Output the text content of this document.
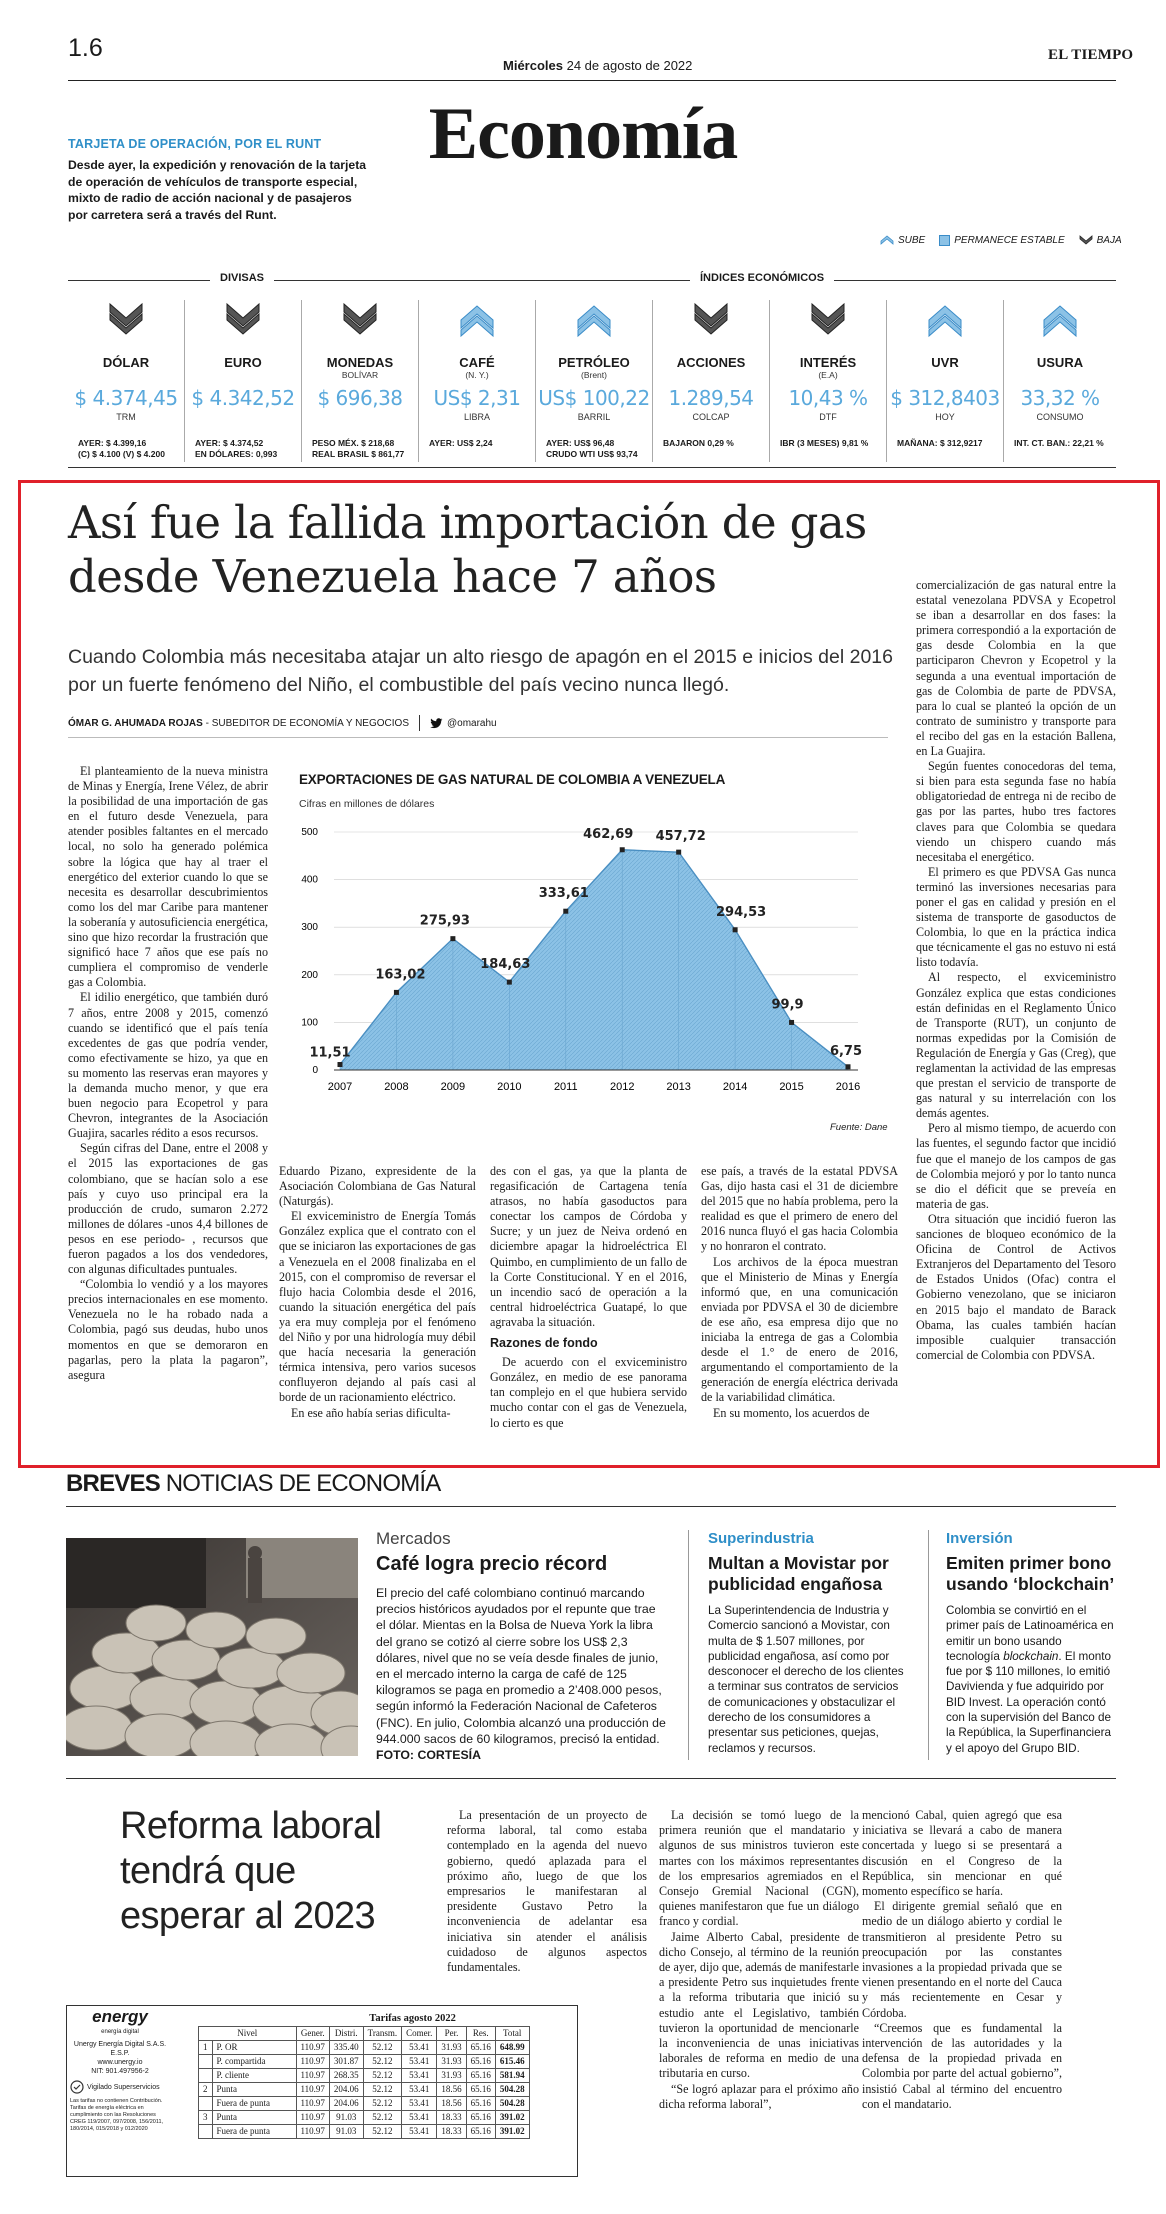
1.6
Miércoles 24 de agosto de 2022
EL TIEMPO
Economía
TARJETA DE OPERACIÓN, POR EL RUNT
Desde ayer, la expedición y renovación de la tarjeta de operación de vehículos de transporte especial, mixto de radio de acción nacional y de pasajeros por carretera será a través del Runt.
SUBE	PERMANECE ESTABLE	BAJA
DIVISAS	ÍNDICES ECONÓMICOS
DÓLAR
$ 4.374,45
TRM
AYER: $ 4.399,16
(C) $ 4.100 (V) $ 4.200
EURO
$ 4.342,52
AYER: $ 4.374,52
EN DÓLARES: 0,993
MONEDAS
BOLÍVAR
$ 696,38
PESO MÉX. $ 218,68
REAL BRASIL $ 861,77
CAFÉ
(N. Y.)
US$ 2,31
LIBRA
AYER: US$ 2,24
PETRÓLEO
(Brent)
US$ 100,22
BARRIL
AYER: US$ 96,48
CRUDO WTI US$ 93,74
ACCIONES
1.289,54
COLCAP
BAJARON 0,29 %
INTERÉS
(E.A)
10,43 %
DTF
IBR (3 MESES) 9,81 %
UVR
$ 312,8403
HOY
MAÑANA: $ 312,9217
USURA
33,32 %
CONSUMO
INT. CT. BAN.: 22,21 %
Así fue la fallida importación de gas desde Venezuela hace 7 años
Cuando Colombia más necesitaba atajar un alto riesgo de apagón en el 2015 e inicios del 2016 por un fuerte fenómeno del Niño, el combustible del país vecino nunca llegó.
ÓMAR G. AHUMADA ROJAS - SUBEDITOR DE ECONOMÍA Y NEGOCIOS	@omarahu

El planteamiento de la nueva ministra de Minas y Energía, Irene Vélez, de abrir la posibilidad de una importación de gas en el futuro desde Venezuela, para atender posibles faltantes en el mercado local, no solo ha generado polémica sobre la lógica que hay al traer el energético del exterior cuando lo que se necesita es desarrollar descubrimientos como los del mar Caribe para mantener la soberanía y autosuficiencia energética, sino que hizo recordar la frustración que significó hace 7 años que ese país no cumpliera el compromiso de venderle gas a Colombia.

El idilio energético, que también duró 7 años, entre 2008 y 2015, comenzó cuando se identificó que el país tenía excedentes de gas que podría vender, como efectivamente se hizo, ya que en su momento las reservas eran mayores y la demanda mucho menor, y que era buen negocio para Ecopetrol y para Chevron, integrantes de la Asociación Guajira, sacarles rédito a esos recursos.

Según cifras del Dane, entre el 2008 y el 2015 las exportaciones de gas colombiano, que se hacían solo a ese país y cuyo uso principal era la producción de crudo, sumaron 2.272 millones de dólares -unos 4,4 billones de pesos en ese periodo- , recursos que fueron pagados a los dos vendedores, con algunas dificultades puntuales.

“Colombia lo vendió y a los mayores precios internacionales en ese momento. Venezuela no le ha robado nada a Colombia, pagó sus deudas, hubo unos momentos en que se demoraron en pagarlas, pero la plata la pagaron”, asegura

EXPORTACIONES DE GAS NATURAL DE COLOMBIA A VENEZUELA
Cifras en millones de dólares
0
100
200
300
400
500
11,51
2007
163,02
2008
275,93
2009
184,63
2010
333,61
2011
462,69
2012
457,72
2013
294,53
2014
99,9
2015
6,75
2016
Fuente: Dane

Eduardo Pizano, expresidente de la Asociación Colombiana de Gas Natural (Naturgás).

El exviceministro de Energía Tomás González explica que el contrato con el que se iniciaron las exportaciones de gas a Venezuela en el 2008 finalizaba en el 2015, con el compromiso de reversar el flujo hacia Colombia desde el 2016, cuando la situación energética del país ya era muy compleja por el fenómeno del Niño y por una hidrología muy débil que hacía necesaria la generación térmica intensiva, pero varios sucesos confluyeron dejando al país casi al borde de un racionamiento eléctrico.

En ese año había serias dificulta-

des con el gas, ya que la planta de regasificación de Cartagena tenía atrasos, no había gasoductos para conectar los campos de Córdoba y Sucre; y un juez de Neiva ordenó en diciembre apagar la hidroeléctrica El Quimbo, en cumplimiento de un fallo de la Corte Constitucional. Y en el 2016, un incendio sacó de operación a la central hidroeléctrica Guatapé, lo que agravaba la situación.

Razones de fondo

De acuerdo con el exviceministro González, en medio de ese panorama tan complejo en el que hubiera servido mucho contar con el gas de Venezuela, lo cierto es que

ese país, a través de la estatal PDVSA Gas, dijo hasta casi el 31 de diciembre del 2015 que no había problema, pero la realidad es que el primero de enero del 2016 nunca fluyó el gas hacia Colombia y no honraron el contrato.

Los archivos de la época muestran que el Ministerio de Minas y Energía informó que, en una comunicación enviada por PDVSA el 30 de diciembre de ese año, esa empresa dijo que no iniciaba la entrega de gas a Colombia desde el 1.° de enero de 2016, argumentando el comportamiento de la generación de energía eléctrica derivada de la variabilidad climática.

En su momento, los acuerdos de

comercialización de gas natural entre la estatal venezolana PDVSA y Ecopetrol se iban a desarrollar en dos fases: la primera correspondió a la exportación de gas desde Colombia en la que participaron Chevron y Ecopetrol y la segunda a una eventual importación de gas de Colombia de parte de PDVSA, para lo cual se planteó la opción de un contrato de suministro y transporte para el recibo del gas en la estación Ballena, en La Guajira.

Según fuentes conocedoras del tema, si bien para esta segunda fase no había obligatoriedad de entrega ni de recibo de gas por las partes, hubo tres factores claves para que Colombia se quedara viendo un chispero cuando más necesitaba el energético.

El primero es que PDVSA Gas nunca terminó las inversiones necesarias para poner el gas en calidad y presión en el sistema de transporte de gasoductos de Colombia, lo que en la práctica indica que técnicamente el gas no estuvo ni está listo todavía.

Al respecto, el exviceministro González explica que estas condiciones están definidas en el Reglamento Único de Transporte (RUT), un conjunto de normas expedidas por la Comisión de Regulación de Energía y Gas (Creg), que reglamentan la actividad de las empresas que prestan el servicio de transporte de gas natural y su interrelación con los demás agentes.

Pero al mismo tiempo, de acuerdo con las fuentes, el segundo factor que incidió fue que el manejo de los campos de gas de Colombia mejoró y por lo tanto nunca se dio el déficit que se preveía en materia de gas.

Otra situación que incidió fueron las sanciones de bloqueo económico de la Oficina de Control de Activos Extranjeros del Departamento del Tesoro de Estados Unidos (Ofac) contra el Gobierno venezolano, que se iniciaron en 2015 bajo el mandato de Barack Obama, las cuales también hacían imposible cualquier transacción comercial de Colombia con PDVSA.

BREVES NOTICIAS DE ECONOMÍA
Mercados
Café logra precio récord
El precio del café colombiano continuó marcando precios históricos ayudados por el repunte que trae el dólar. Mientas en la Bolsa de Nueva York la libra del grano se cotizó al cierre sobre los US$ 2,3 dólares, nivel que no se veía desde finales de junio, en el mercado interno la carga de café de 125 kilogramos se paga en promedio a 2’408.000 pesos, según informó la Federación Nacional de Cafeteros (FNC). En julio, Colombia alcanzó una producción de 944.000 sacos de 60 kilogramos, precisó la entidad. FOTO: CORTESÍA
Superindustria
Multan a Movistar por publicidad engañosa
La Superintendencia de Industria y Comercio sancionó a Movistar, con multa de $ 1.507 millones, por publicidad engañosa, así como por desconocer el derecho de los clientes a terminar sus contratos de servicios de comunicaciones y obstaculizar el derecho de los consumidores a presentar sus peticiones, quejas, reclamos y recursos.
Inversión
Emiten primer bono usando ‘blockchain’
Colombia se convirtió en el primer país de Latinoamérica en emitir un bono usando tecnología blockchain. El monto fue por $ 110 millones, lo emitió Davivienda y fue adquirido por BID Invest. La operación contó con la supervisión del Banco de la República, la Superfinanciera y el apoyo del Grupo BID.
Reforma laboral tendrá que esperar al 2023

La presentación de un proyecto de reforma laboral, tal como estaba contemplado en la agenda del nuevo gobierno, quedó aplazada para el próximo año, luego de que los empresarios le manifestaran al presidente Gustavo Petro la inconveniencia de adelantar esa iniciativa sin atender el análisis cuidadoso de algunos aspectos fundamentales.

La decisión se tomó luego de la primera reunión que el mandatario y algunos de sus ministros tuvieron este martes con los máximos representantes de los empresarios agremiados en el Consejo Gremial Nacional (CGN), quienes manifestaron que fue un diálogo franco y cordial.

Jaime Alberto Cabal, presidente de dicho Consejo, al término de la reunión de ayer, dijo que, además de manifestarle a presidente Petro sus inquietudes frente a la reforma tributaria que inició su estudio ante el Legislativo, también tuvieron la oportunidad de mencionarle la inconveniencia de unas iniciativas laborales de reforma en medio de una tributaria en curso.

“Se logró aplazar para el próximo año dicha reforma laboral”,

mencionó Cabal, quien agregó que esa iniciativa se llevará a cabo de manera concertada y luego si se presentará a discusión en el Congreso de la República, sin mencionar en qué momento específico se haría.

El dirigente gremial señaló que en medio de un diálogo abierto y cordial le transmitieron al presidente Petro su preocupación por las constantes invasiones a la propiedad privada que se vienen presentando en el norte del Cauca y más recientemente en Cesar y Córdoba.

“Creemos que es fundamental la intervención de las autoridades y la defensa de la propiedad privada en Colombia por parte del actual gobierno”, insistió Cabal al término del encuentro con el mandatario.

energy
energía digital
Unergy Energía Digital S.A.S. E.S.P.
www.unergy.io
NIT: 901.497956-2
Vigilado Superservicios
Las tarifas no contienen Contribución. Tarifas de energía eléctrica en cumplimiento con las Resoluciones CREG 119/2007, 097/2008, 156/2011, 180/2014, 015/2018 y 012/2020
		Tarifas agosto 2022						
Nivel		Gener.	Distri.	Transm.	Comer.	Per.	Res.	Total
1	P. OR	110.97	335.40	52.12	53.41	31.93	65.16	648.99
	P. compartida	110.97	301.87	52.12	53.41	31.93	65.16	615.46
	P. cliente	110.97	268.35	52.12	53.41	31.93	65.16	581.94
2	Punta	110.97	204.06	52.12	53.41	18.56	65.16	504.28
	Fuera de punta	110.97	204.06	52.12	53.41	18.56	65.16	504.28
3	Punta	110.97	91.03	52.12	53.41	18.33	65.16	391.02
	Fuera de punta	110.97	91.03	52.12	53.41	18.33	65.16	391.02
